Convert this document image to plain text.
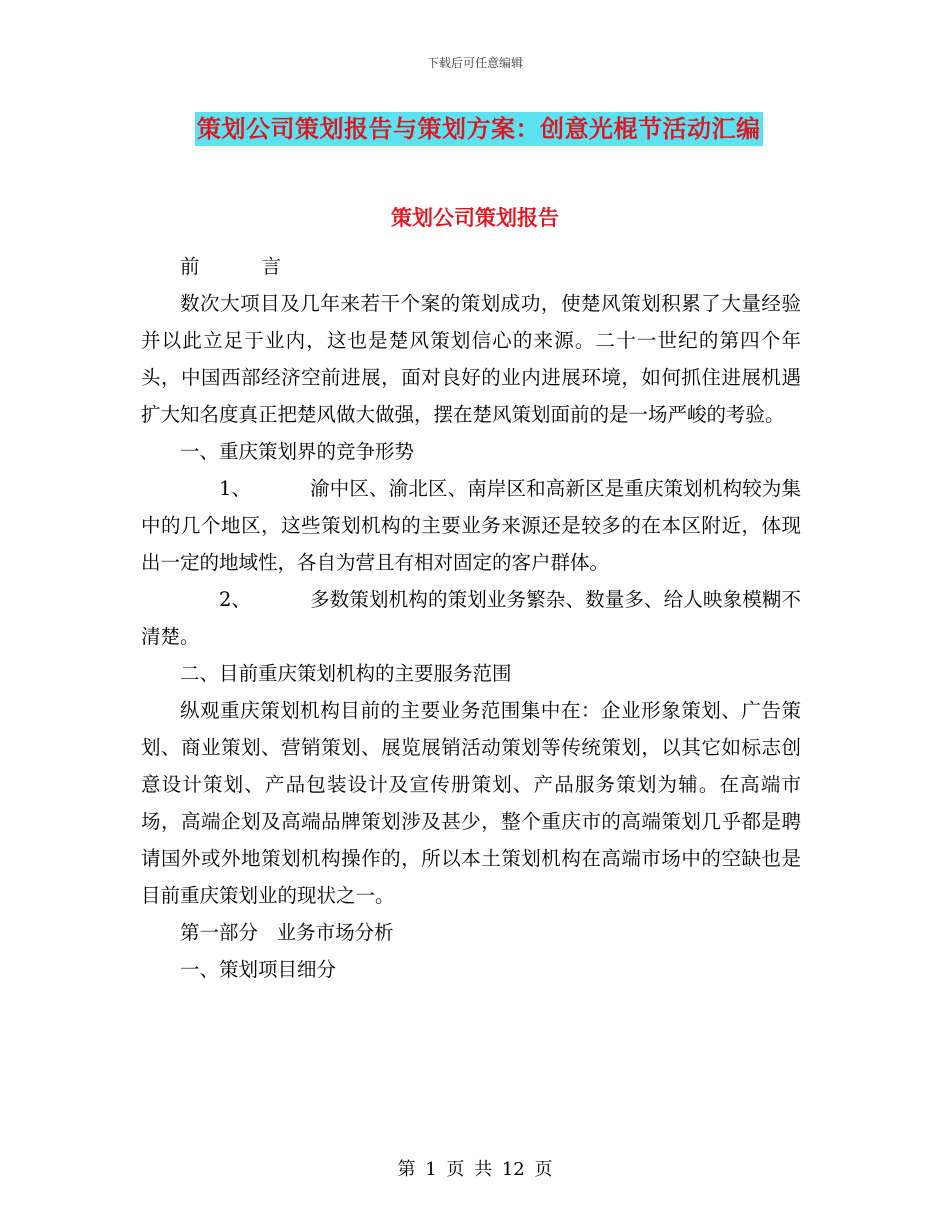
下载后可任意编辑
策划公司策划报告与策划方案：创意光棍节活动汇编
策划公司策划报告
前          言

数次大项目及几年来若干个案的策划成功，使楚风策划积累了大量经验并以此立足于业内，这也是楚风策划信心的来源。二十一世纪的第四个年头，中国西部经济空前进展，面对良好的业内进展环境，如何抓住进展机遇扩大知名度真正把楚风做大做强，摆在楚风策划面前的是一场严峻的考验。

一、重庆策划界的竞争形势

1、	渝中区、渝北区、南岸区和高新区是重庆策划机构较为集中的几个地区，这些策划机构的主要业务来源还是较多的在本区附近，体现出一定的地域性，各自为营且有相对固定的客户群体。

2、	多数策划机构的策划业务繁杂、数量多、给人映象模糊不清楚。

二、目前重庆策划机构的主要服务范围

纵观重庆策划机构目前的主要业务范围集中在：企业形象策划、广告策划、商业策划、营销策划、展览展销活动策划等传统策划，以其它如标志创意设计策划、产品包装设计及宣传册策划、产品服务策划为辅。在高端市场，高端企划及高端品牌策划涉及甚少，整个重庆市的高端策划几乎都是聘请国外或外地策划机构操作的，所以本土策划机构在高端市场中的空缺也是目前重庆策划业的现状之一。

第一部分   业务市场分析
一、策划项目细分
第 1 页 共 12 页
